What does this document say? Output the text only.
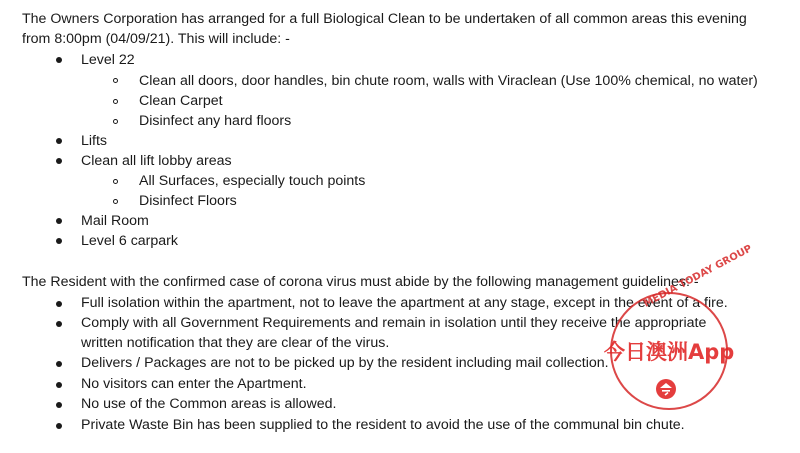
The Owners Corporation has arranged for a full Biological Clean to be undertaken of all common areas this evening
from 8:00pm (04/09/21). This will include: -
Level 22
Clean all doors, door handles, bin chute room, walls with Viraclean (Use 100% chemical, no water)
Clean Carpet
Disinfect any hard floors
Lifts
Clean all lift lobby areas
All Surfaces, especially touch points
Disinfect Floors
Mail Room
Level 6 carpark
The Resident with the confirmed case of corona virus must abide by the following management guidelines: -
Full isolation within the apartment, not to leave the apartment at any stage, except in the event of a fire.
Comply with all Government Requirements and remain in isolation until they receive the appropriate
written notification that they are clear of the virus.
Delivers / Packages are not to be picked up by the resident including mail collection.
No visitors can enter the Apartment.
No use of the Common areas is allowed.
Private Waste Bin has been supplied to the resident to avoid the use of the communal bin chute.
MEDIA TODAY GROUP
今日澳洲App
